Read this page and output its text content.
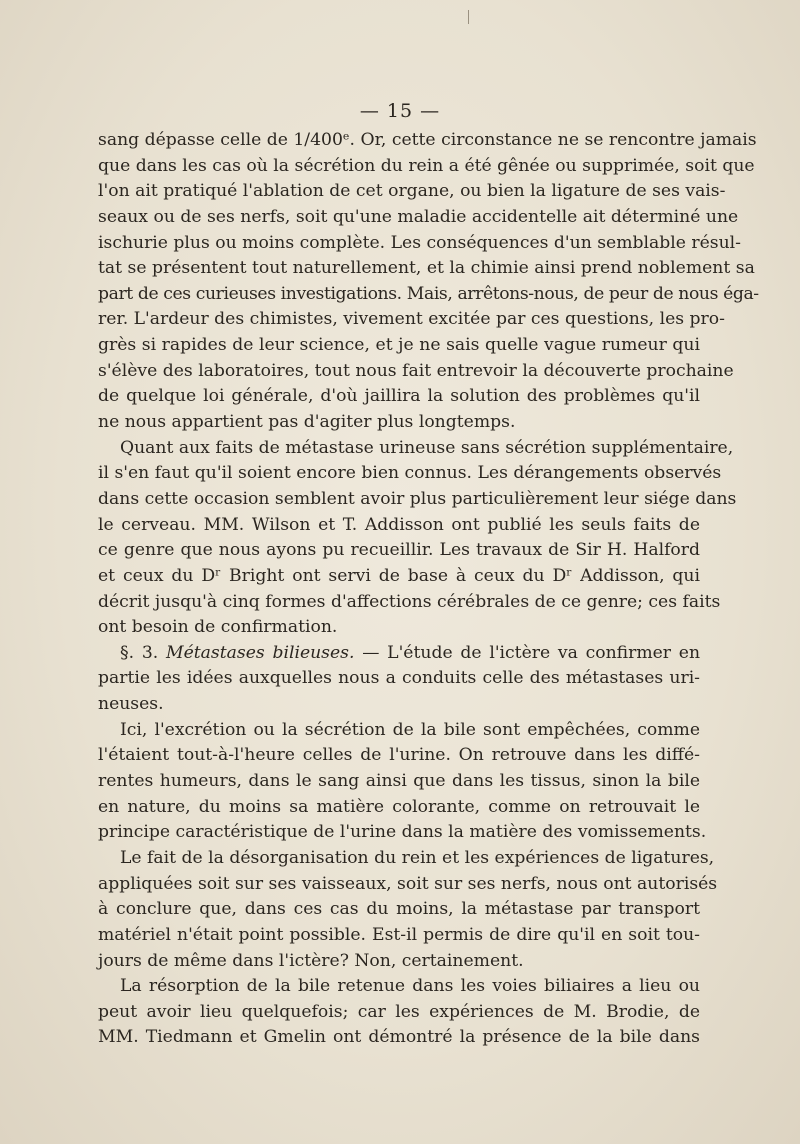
— 15 —
sang dépasse celle de 1/400ᵉ. Or, cette circonstance ne se rencontre jamais
que dans les cas où la sécrétion du rein a été gênée ou supprimée, soit que
l'on ait pratiqué l'ablation de cet organe, ou bien la ligature de ses vais-
seaux ou de ses nerfs, soit qu'une maladie accidentelle ait déterminé une
ischurie plus ou moins complète. Les conséquences d'un semblable résul-
tat se présentent tout naturellement, et la chimie ainsi prend noblement sa
part de ces curieuses investigations. Mais, arrêtons-nous, de peur de nous éga-
rer. L'ardeur des chimistes, vivement excitée par ces questions, les pro-
grès si rapides de leur science, et je ne sais quelle vague rumeur qui
s'élève des laboratoires, tout nous fait entrevoir la découverte prochaine
de quelque loi générale, d'où jaillira la solution des problèmes qu'il
ne nous appartient pas d'agiter plus longtemps.
Quant aux faits de métastase urineuse sans sécrétion supplémentaire,
il s'en faut qu'il soient encore bien connus. Les dérangements observés
dans cette occasion semblent avoir plus particulièrement leur siége dans
le cerveau. MM. Wilson et T. Addisson ont publié les seuls faits de
ce genre que nous ayons pu recueillir. Les travaux de Sir H. Halford
et ceux du Dʳ Bright ont servi de base à ceux du Dʳ Addisson, qui
décrit jusqu'à cinq formes d'affections cérébrales de ce genre; ces faits
ont besoin de confirmation.
§. 3. Métastases bilieuses. — L'étude de l'ictère va confirmer en
partie les idées auxquelles nous a conduits celle des métastases uri-
neuses.
Ici, l'excrétion ou la sécrétion de la bile sont empêchées, comme
l'étaient tout-à-l'heure celles de l'urine. On retrouve dans les diffé-
rentes humeurs, dans le sang ainsi que dans les tissus, sinon la bile
en nature, du moins sa matière colorante, comme on retrouvait le
principe caractéristique de l'urine dans la matière des vomissements.
Le fait de la désorganisation du rein et les expériences de ligatures,
appliquées soit sur ses vaisseaux, soit sur ses nerfs, nous ont autorisés
à conclure que, dans ces cas du moins, la métastase par transport
matériel n'était point possible. Est-il permis de dire qu'il en soit tou-
jours de même dans l'ictère? Non, certainement.
La résorption de la bile retenue dans les voies biliaires a lieu ou
peut avoir lieu quelquefois; car les expériences de M. Brodie, de
MM. Tiedmann et Gmelin ont démontré la présence de la bile dans
